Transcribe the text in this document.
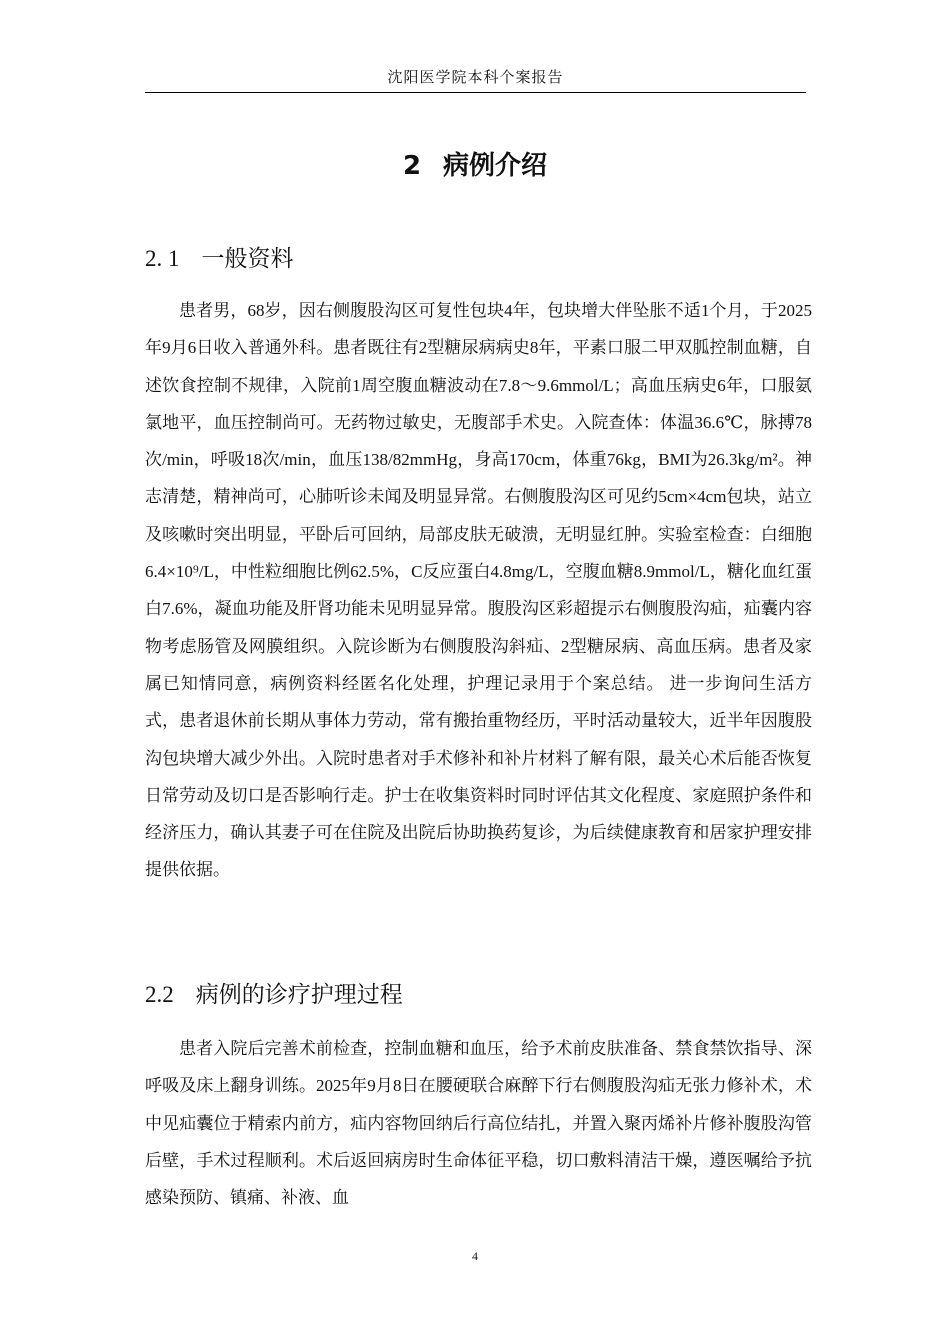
沈阳医学院本科个案报告
2 病例介绍
2. 1 一般资料

患者男，68岁，因右侧腹股沟区可复性包块4年，包块增大伴坠胀不适1个月，于2025年9月6日收入普通外科。患者既往有2型糖尿病病史8年，平素口服二甲双胍控制血糖，自述饮食控制不规律，入院前1周空腹血糖波动在7.8～9.6mmol/L；高血压病史6年，口服氨氯地平，血压控制尚可。无药物过敏史，无腹部手术史。入院查体：体温36.6℃，脉搏78次/min，呼吸18次/min，血压138/82mmHg，身高170cm，体重76kg，BMI为26.3kg/m²。神志清楚，精神尚可，心肺听诊未闻及明显异常。右侧腹股沟区可见约5cm×4cm包块，站立及咳嗽时突出明显，平卧后可回纳，局部皮肤无破溃，无明显红肿。实验室检查：白细胞6.4×10⁹/L，中性粒细胞比例62.5%，C反应蛋白4.8mg/L，空腹血糖8.9mmol/L，糖化血红蛋白7.6%，凝血功能及肝肾功能未见明显异常。腹股沟区彩超提示右侧腹股沟疝，疝囊内容物考虑肠管及网膜组织。入院诊断为右侧腹股沟斜疝、2型糖尿病、高血压病。患者及家属已知情同意，病例资料经匿名化处理，护理记录用于个案总结。 进一步询问生活方式，患者退休前长期从事体力劳动，常有搬抬重物经历，平时活动量较大，近半年因腹股沟包块增大减少外出。入院时患者对手术修补和补片材料了解有限，最关心术后能否恢复日常劳动及切口是否影响行走。护士在收集资料时同时评估其文化程度、家庭照护条件和经济压力，确认其妻子可在住院及出院后协助换药复诊，为后续健康教育和居家护理安排提供依据。

2.2 病例的诊疗护理过程

患者入院后完善术前检查，控制血糖和血压，给予术前皮肤准备、禁食禁饮指导、深呼吸及床上翻身训练。2025年9月8日在腰硬联合麻醉下行右侧腹股沟疝无张力修补术，术中见疝囊位于精索内前方，疝内容物回纳后行高位结扎，并置入聚丙烯补片修补腹股沟管后壁，手术过程顺利。术后返回病房时生命体征平稳，切口敷料清洁干燥，遵医嘱给予抗感染预防、镇痛、补液、血

4
